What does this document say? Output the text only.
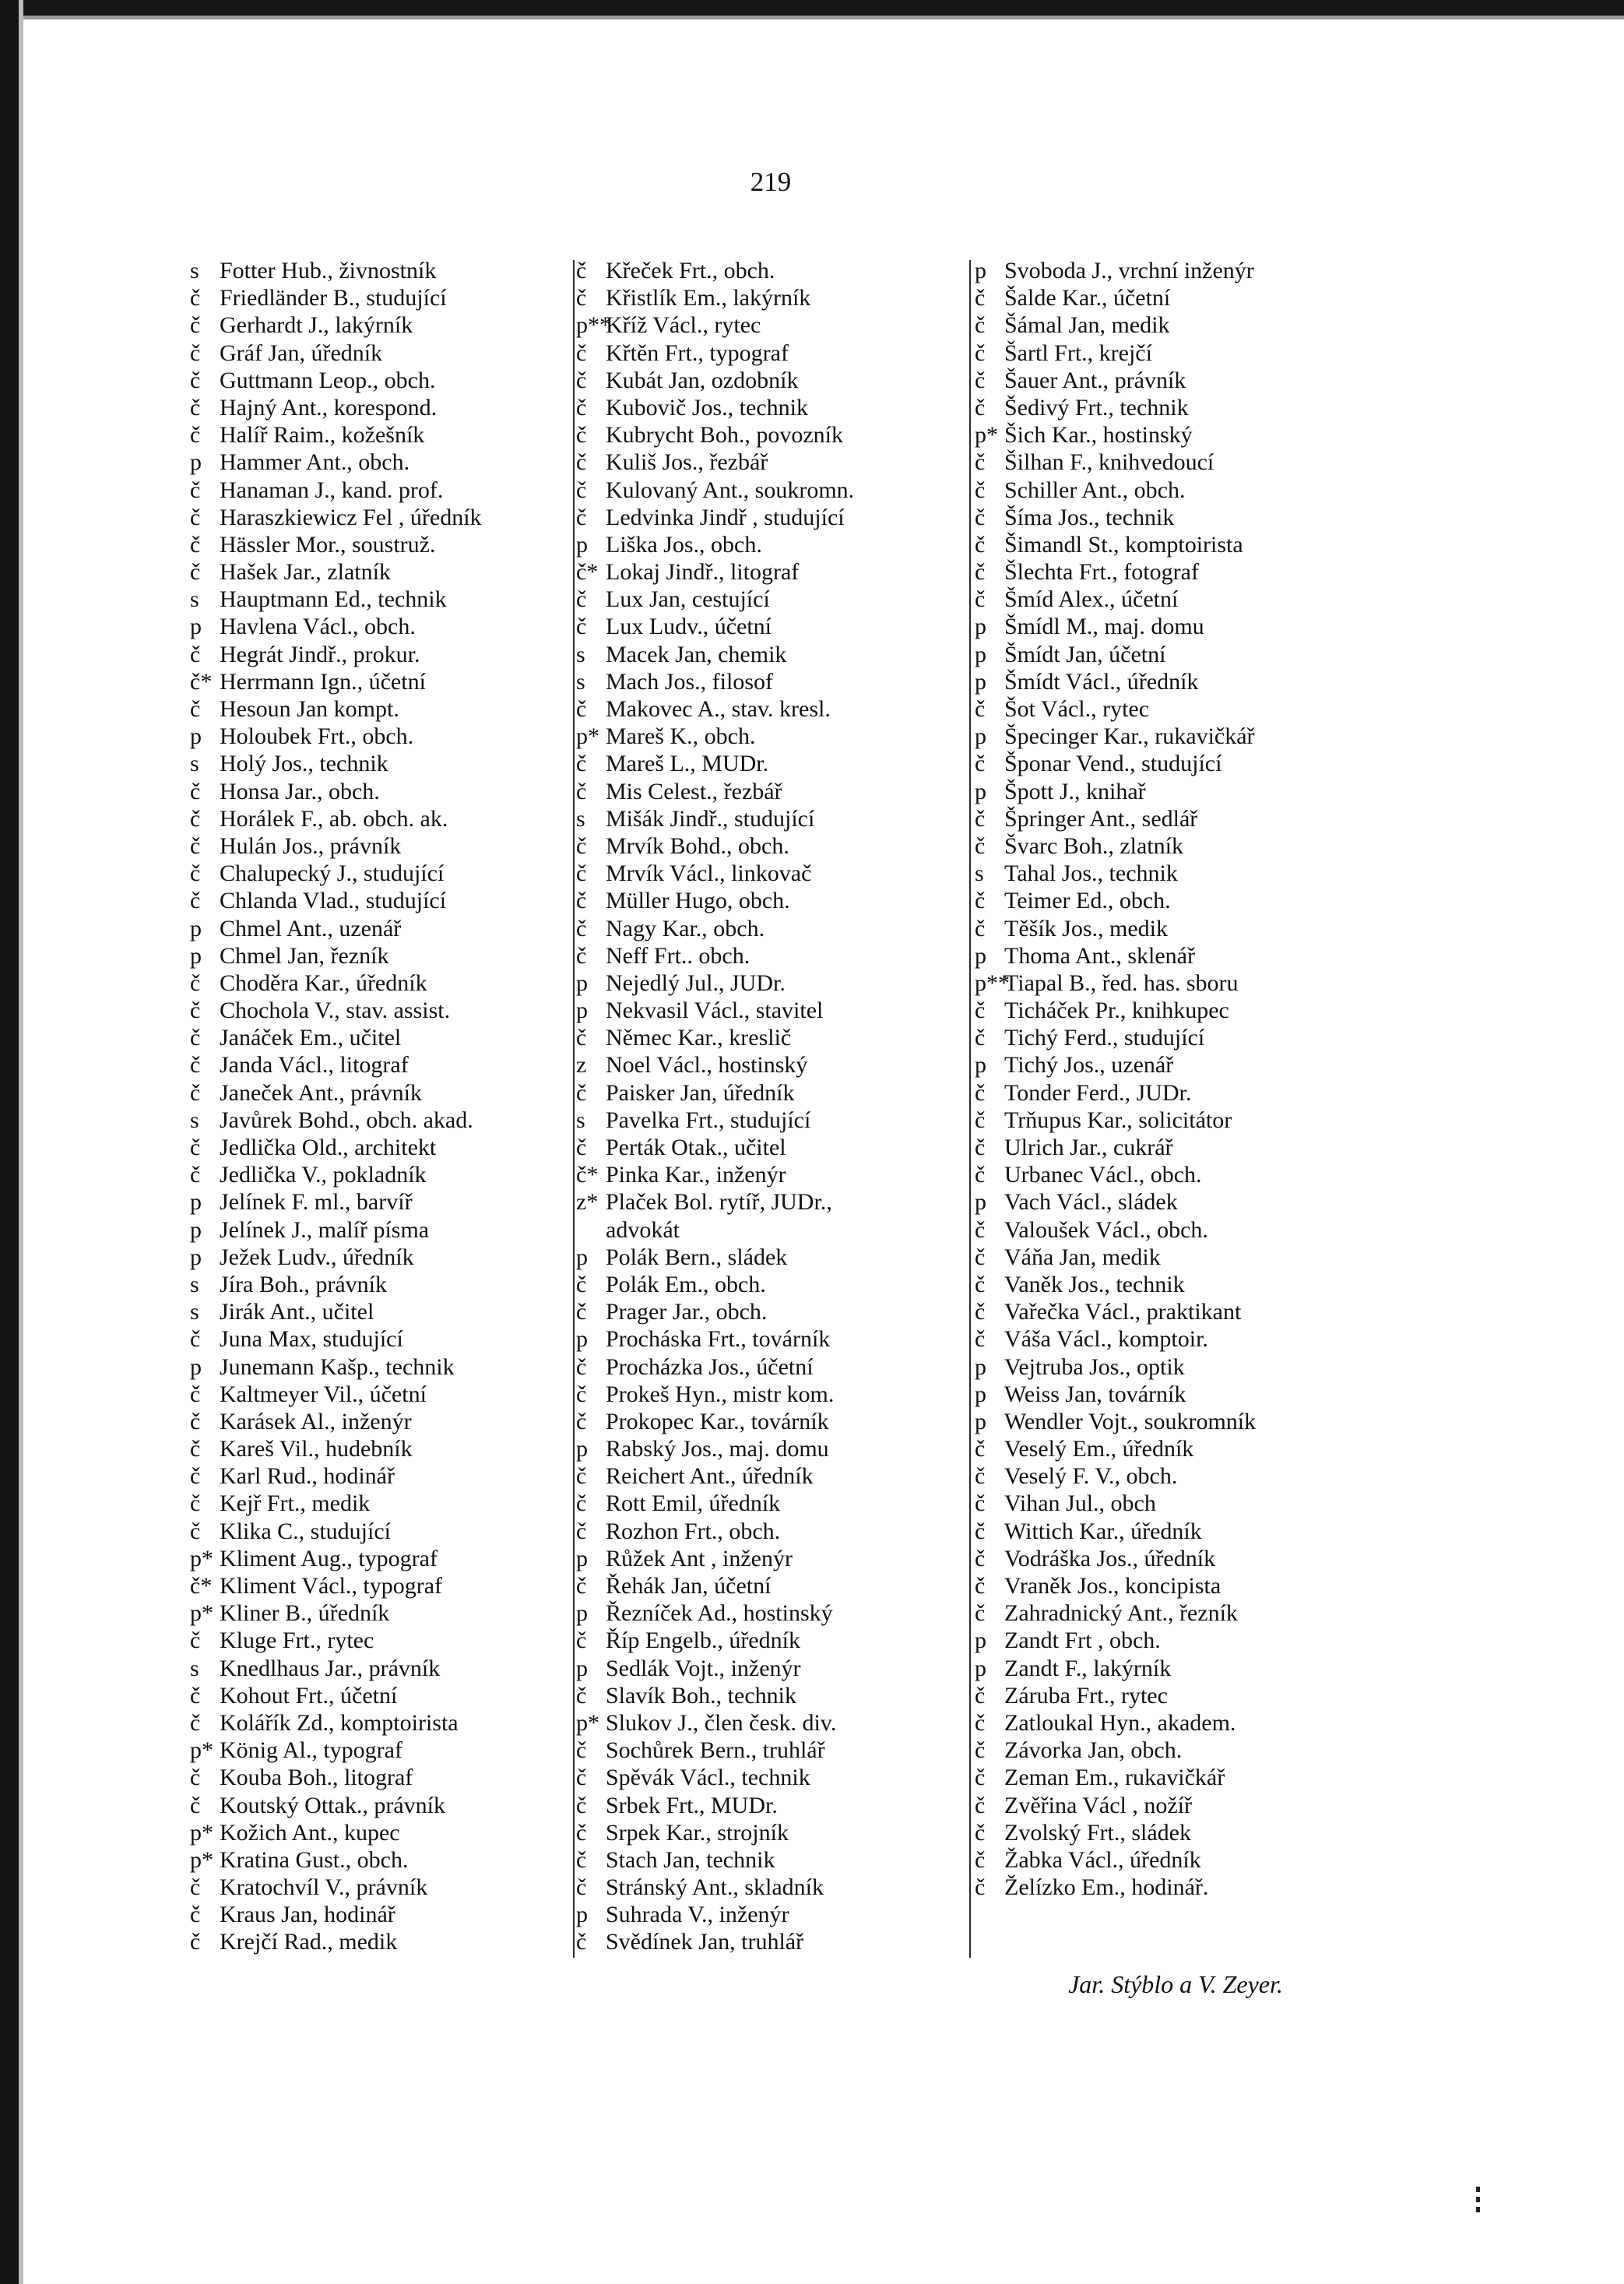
219
s Fotter Hub., živnostník
č Friedländer B., studující
č Gerhardt J., lakýrník
č Gráf Jan, úředník
č Guttmann Leop., obch.
č Hajný Ant., korespond.
č Halíř Raim., kožešník
p Hammer Ant., obch.
č Hanaman J., kand. prof.
č Haraszkiewicz Fel , úředník
č Hässler Mor., soustruž.
č Hašek Jar., zlatník
s Hauptmann Ed., technik
p Havlena Václ., obch.
č Hegrát Jindř., prokur.
č* Herrmann Ign., účetní
č Hesoun Jan kompt.
p Holoubek Frt., obch.
s Holý Jos., technik
č Honsa Jar., obch.
č Horálek F., ab. obch. ak.
č Hulán Jos., právník
č Chalupecký J., studující
č Chlanda Vlad., studující
p Chmel Ant., uzenář
p Chmel Jan, řezník
č Choděra Kar., úředník
č Chochola V., stav. assist.
č Janáček Em., učitel
č Janda Václ., litograf
č Janeček Ant., právník
s Javůrek Bohd., obch. akad.
č Jedlička Old., architekt
č Jedlička V., pokladník
p Jelínek F. ml., barvíř
p Jelínek J., malíř písma
p Ježek Ludv., úředník
s Jíra Boh., právník
s Jirák Ant., učitel
č Juna Max, studující
p Junemann Kašp., technik
č Kaltmeyer Vil., účetní
č Karásek Al., inženýr
č Kareš Vil., hudebník
č Karl Rud., hodinář
č Kejř Frt., medik
č Klika C., studující
p* Kliment Aug., typograf
č* Kliment Václ., typograf
p* Kliner B., úředník
č Kluge Frt., rytec
s Knedlhaus Jar., právník
č Kohout Frt., účetní
č Kolářík Zd., komptoirista
p* König Al., typograf
č Kouba Boh., litograf
č Koutský Ottak., právník
p* Kožich Ant., kupec
p* Kratina Gust., obch.
č Kratochvíl V., právník
č Kraus Jan, hodinář
č Krejčí Rad., medik
č Křeček Frt., obch.
č Křistlík Em., lakýrník
p**
Kříž Václ., rytec
č Křtěn Frt., typograf
č Kubát Jan, ozdobník
č Kubovič Jos., technik
č Kubrycht Boh., povozník
č Kuliš Jos., řezbář
č Kulovaný Ant., soukromn.
č Ledvinka Jindř , studující
p Liška Jos., obch.
č* Lokaj Jindř., litograf
č Lux Jan, cestující
č Lux Ludv., účetní
s Macek Jan, chemik
s Mach Jos., filosof
č Makovec A., stav. kresl.
p* Mareš K., obch.
č Mareš L., MUDr.
č Mis Celest., řezbář
s Mišák Jindř., studující
č Mrvík Bohd., obch.
č Mrvík Václ., linkovač
č Müller Hugo, obch.
č Nagy Kar., obch.
č Neff Frt.. obch.
p Nejedlý Jul., JUDr.
p Nekvasil Václ., stavitel
č Němec Kar., kreslič
z Noel Václ., hostinský
č Paisker Jan, úředník
s Pavelka Frt., studující
č Perták Otak., učitel
č* Pinka Kar., inženýr
z* Plaček Bol. rytíř, JUDr.,
advokát
p Polák Bern., sládek
č Polák Em., obch.
č Prager Jar., obch.
p Procháska Frt., továrník
č Procházka Jos., účetní
č Prokeš Hyn., mistr kom.
č Prokopec Kar., továrník
p Rabský Jos., maj. domu
č Reichert Ant., úředník
č Rott Emil, úředník
č Rozhon Frt., obch.
p Růžek Ant , inženýr
č Řehák Jan, účetní
p Řezníček Ad., hostinský
č Říp Engelb., úředník
p Sedlák Vojt., inženýr
č Slavík Boh., technik
p* Slukov J., člen česk. div.
č Sochůrek Bern., truhlář
č Spěvák Václ., technik
č Srbek Frt., MUDr.
č Srpek Kar., strojník
č Stach Jan, technik
č Stránský Ant., skladník
p Suhrada V., inženýr
č Svědínek Jan, truhlář
p Svoboda J., vrchní inženýr
č Šalde Kar., účetní
č Šámal Jan, medik
č Šartl Frt., krejčí
č Šauer Ant., právník
č Šedivý Frt., technik
p* Šich Kar., hostinský
č Šilhan F., knihvedoucí
č Schiller Ant., obch.
č Šíma Jos., technik
č Šimandl St., komptoirista
č Šlechta Frt., fotograf
č Šmíd Alex., účetní
p Šmídl M., maj. domu
p Šmídt Jan, účetní
p Šmídt Václ., úředník
č Šot Václ., rytec
p Špecinger Kar., rukavičkář
č Šponar Vend., studující
p Špott J., knihař
č Špringer Ant., sedlář
č Švarc Boh., zlatník
s Tahal Jos., technik
č Teimer Ed., obch.
č Těšík Jos., medik
p Thoma Ant., sklenář
p**
Tiapal B., řed. has. sboru
č Ticháček Pr., knihkupec
č Tichý Ferd., studující
p Tichý Jos., uzenář
č Tonder Ferd., JUDr.
č Trňupus Kar., solicitátor
č Ulrich Jar., cukrář
č Urbanec Václ., obch.
p Vach Václ., sládek
č Valoušek Václ., obch.
č Váňa Jan, medik
č Vaněk Jos., technik
č Vařečka Václ., praktikant
č Váša Václ., komptoir.
p Vejtruba Jos., optik
p Weiss Jan, továrník
p Wendler Vojt., soukromník
č Veselý Em., úředník
č Veselý F. V., obch.
č Vihan Jul., obch
č Wittich Kar., úředník
č Vodráška Jos., úředník
č Vraněk Jos., koncipista
č Zahradnický Ant., řezník
p Zandt Frt , obch.
p Zandt F., lakýrník
č Záruba Frt., rytec
č Zatloukal Hyn., akadem.
č Závorka Jan, obch.
č Zeman Em., rukavičkář
č Zvěřina Václ , nožíř
č Zvolský Frt., sládek
č Žabka Václ., úředník
č Želízko Em., hodinář.
Jar. Stýblo a V. Zeyer.
